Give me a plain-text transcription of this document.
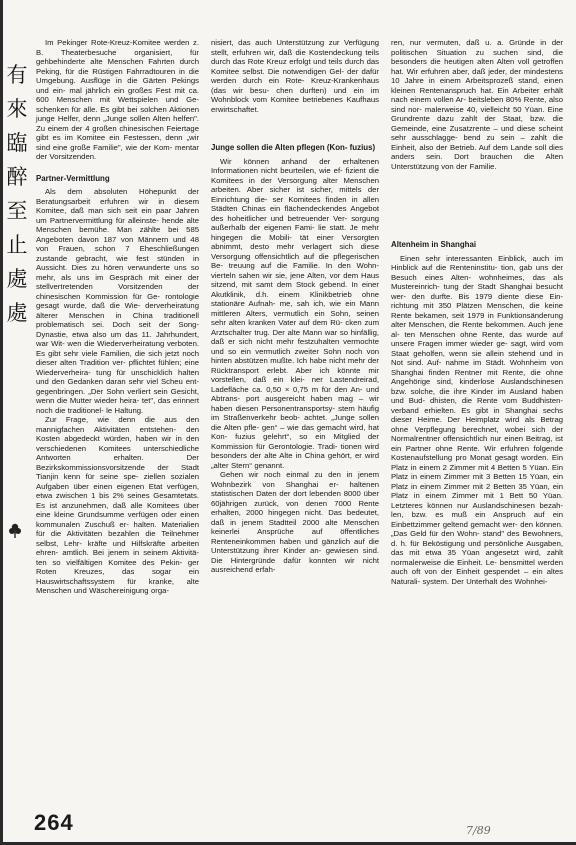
有
來
臨
醉
至
止
處
處

Im Pekinger Rote-Kreuz-Komitee werden z. B. Theaterbesuche organisiert, für gehbehinderte alte Menschen Fahrten durch Peking, für die Rüstigen Fahrradtouren in die Umgebung. Ausflüge in die Gärten Pekings und ein- mal jährlich ein großes Fest mit ca. 600 Menschen mit Wettspielen und Ge- schenken für alle. Es gibt bei solchen Aktionen junge Helfer, denn „Junge sollen Alten helfen". Zu einem der 4 großen chinesischen Feiertage gibt es im Komitee ein Festessen, denn „wir sind eine große Familie", wie der Kom- mentar der Vorsitzenden.

Partner-Vermittlung

Als dem absoluten Höhepunkt der Beratungsarbeit erfuhren wir in diesem Komitee, daß man sich seit ein paar Jahren um Partnervermittlung für alleinste- hende alte Menschen bemühe. Man zählte bei 585 Angeboten davon 187 von Männern und 48 von Frauen, schon 7 Eheschließungen zustande gebracht, wie fest stünden in Aussicht. Dies zu hören verwunderte uns so mehr, als uns im Gespräch mit einer der stellvertretenden Vorsitzenden der chinesischen Kommission für Ge- rontologie gesagt wurde, daß die Wie- derverheiratung älterer Menschen in China traditionell problematisch sei. Doch seit der Song-Dynastie, etwa also um das 11. Jahrhundert, war Wit- wen die Wiederverheiratung verboten. Es gibt sehr viele Familien, die sich jetzt noch dieser alten Tradition ver- pflichtet fühlen; eine Wiederverheira- tung für unschicklich halten und den Gedanken daran sehr viel Scheu ent- gegenbringen. „Der Sohn verliert sein Gesicht, wenn die Mutter wieder heira- tet", das erinnert noch die traditionel- le Haltung.

Zur Frage, wie denn die aus den mannigfachen Aktivitäten entstehen- den Kosten abgedeckt würden, haben wir in den verschiedenen Komitees unterschiedliche Antworten erhalten. Der Bezirkskommissionsvorsitzende der Stadt Tianjin kenn für seine spe- ziellen sozialen Aufgaben über einen eigenen Etat verfügen, etwa zwischen 1 bis 2% seines Gesamtetats. Es ist anzunehmen, daß alle Komitees über eine kleine Grundsumme verfügen oder einen kommunalen Zuschuß er- halten. Materialien für die Aktivitäten bezahlen die Teilnehmer selbst, Lehr- kräfte und Hilfskräfte arbeiten ehren- amtlich. Bei jenem in seinem Aktivitä- ten so vielfältigen Komitee des Pekin- ger Roten Kreuzes, das sogar ein Hauswirtschaftssystem für kranke, alte Menschen und Wäschereinigung orga-

nisiert, das auch Unterstützung zur Verfügung stellt, erfuhren wir, daß die Kostendeckung teils durch das Rote Kreuz erfolgt und teils durch das Komitee selbst. Die notwendigen Gel- der dafür werden durch ein Rote- Kreuz-Krankenhaus (das wir besu- chen durften) und ein im Wohnblock vom Komitee betriebenes Kaufhaus erwirtschaftet.

Junge sollen die Alten pflegen (Kon- fuzius)

Wir können anhand der erhaltenen Informationen nicht beurteilen, wie ef- fizient die Komitees in der Versorgung alter Menschen arbeiten. Aber sicher ist sicher, mittels der Einrichtung die- ser Komitees finden in allen Städten Chinas ein flächendeckendes Angebot des hoheitlicher und betreuender Ver- sorgung außerhalb der eigenen Fami- lie statt. Je mehr hingegen die Mobili- tät einer Versorgten abnimmt, desto mehr verlagert sich diese Versorgung offensichtlich auf die pflegerischen Be- treuung auf die Familie. In den Wohn- vierteln sahen wir sie, jene Alten, vor dem Haus sitzend, mit samt dem Stock gebend. In einer Akutklinik, d.h. einem Klinikbetrieb ohne stationäre Aufnah- me, sah ich, wie ein Mann mittleren Alters, vermutlich ein Sohn, seinen sehr alten kranken Vater auf dem Rü- cken zum Arztschalter trug. Der alte Mann war so hinfällig, daß er sich nicht mehr festzuhalten vermochte und so ein vermutlich zweiter Sohn noch von hinten abstützen mußte. Ich habe nicht mehr der Rücktransport erlebt. Aber ich könnte mir vorstellen, daß ein klei- ner Lastendreirad, Ladefläche ca. 0,50 × 0,75 m für den An- und Abtrans- port ausgereicht haben mag – wir haben diesen Personentransportsy- stem häufig im Straßenverkehr beob- achtet. „Junge sollen die Alten pfle- gen“ – wie das gemacht wird, hat Kon- fuzius gelehrt“, so ein Mitglied der Kommission für Gerontologie. Tradi- tionen wird besonders der alte Alte in China gehört, er wird „alter Stern“ genannt.

Gehen wir noch einmal zu den in jenem Wohnbezirk von Shanghai er- haltenen statistischen Daten der dort lebenden 8000 über 60jährigen zurück, von denen 7000 Rente erhalten, 2000 hingegen nicht. Das bedeutet, daß in jenem Stadtteil 2000 alte Menschen keinerlei Ansprüche auf öffentliches Renteneinkommen haben und gänzlich auf die Unterstützung ihrer Kinder an- gewiesen sind. Die Hintergründe dafür konnten wir nicht ausreichend erfah-

ren, nur vermuten, daß u. a. Gründe in der politischen Situation zu suchen sind, die besonders die heutigen alten Alten voll getroffen hat. Wir erfuhren aber, daß jeder, der mindestens 10 Jahre in einem Arbeitsprozeß stand, einen kleinen Rentenanspruch hat. Ein Arbeiter erhält nach einem vollen Ar- beitsleben 80% Rente, also sind nor- malerweise 40, vielleicht 50 Yüan. Eine Grundrente dazu zahlt der Staat, bzw. die Gemeinde, eine Zusatzrente – und diese scheint sehr ausschlagge- bend zu sein – zahlt die Einheit, also der Betrieb. Auf dem Lande soll dies anders sein. Dort brauchen die Alten Unterstützung von der Familie.

Altenheim in Shanghai

Einen sehr interessanten Einblick, auch im Hinblick auf die Renteninstitu- tion, gab uns der Besuch eines Alten- wohnheimes, das als Mustereinrich- tung der Stadt Shanghai besucht wer- den durfte. Bis 1979 diente diese Ein- richtung mit 350 Plätzen Menschen, die keine Rente bekamen, seit 1979 in Funktionsänderung alter Menschen, die Rente bekommen. Auch jene al- ten Menschen ohne Rente, das wurde auf unsere Fragen immer wieder ge- sagt, wird vom Staat geholfen, wenn sie allein stehend und in Not sind. Auf- nahme im Städt. Wohnheim von Shanghai finden Rentner mit Rente, die ohne Angehörige sind, kinderlose Auslandschinesen bzw. solche, die ihre Kinder im Ausland haben und Bud- dhisten, die Rente vom Buddhisten- verband erhielten. Es gibt in Shanghai sechs dieser Heime. Der Heimplatz wird als Betrag ohne Verpflegung berechnet, wobei sich der Normalrentner offensichtlich nur einen Beitrag, ist ein Partner ohne Rente. Wir erfuhren folgende Kostenaufstellung pro Monat gesagt worden. Ein Platz in einem 2 Zimmer mit 4 Betten 5 Yüan. Ein Platz in einem Zimmer mit 3 Betten 15 Yüan, ein Platz in einem Zimmer mit 2 Betten 35 Yüan, ein Platz in einem Zimmer mit 1 Bett 50 Yüan. Letzteres können nur Auslandschinesen bezah- len, bzw. es muß ein Anspruch auf ein Einbettzimmer geltend gemacht wer- den können. „Das Geld für den Wohn- stand" des Bewohners, d. h. für Beköstigung und persönliche Ausgaben, das mit etwa 35 Yüan angesetzt wird, zahlt normalerweise die Einheit. Le- bensmittel werden auch oft von der Einheit gespendet – ein altes Naturali- system. Der Unterhalt des Wohnhei-

264	7/89
